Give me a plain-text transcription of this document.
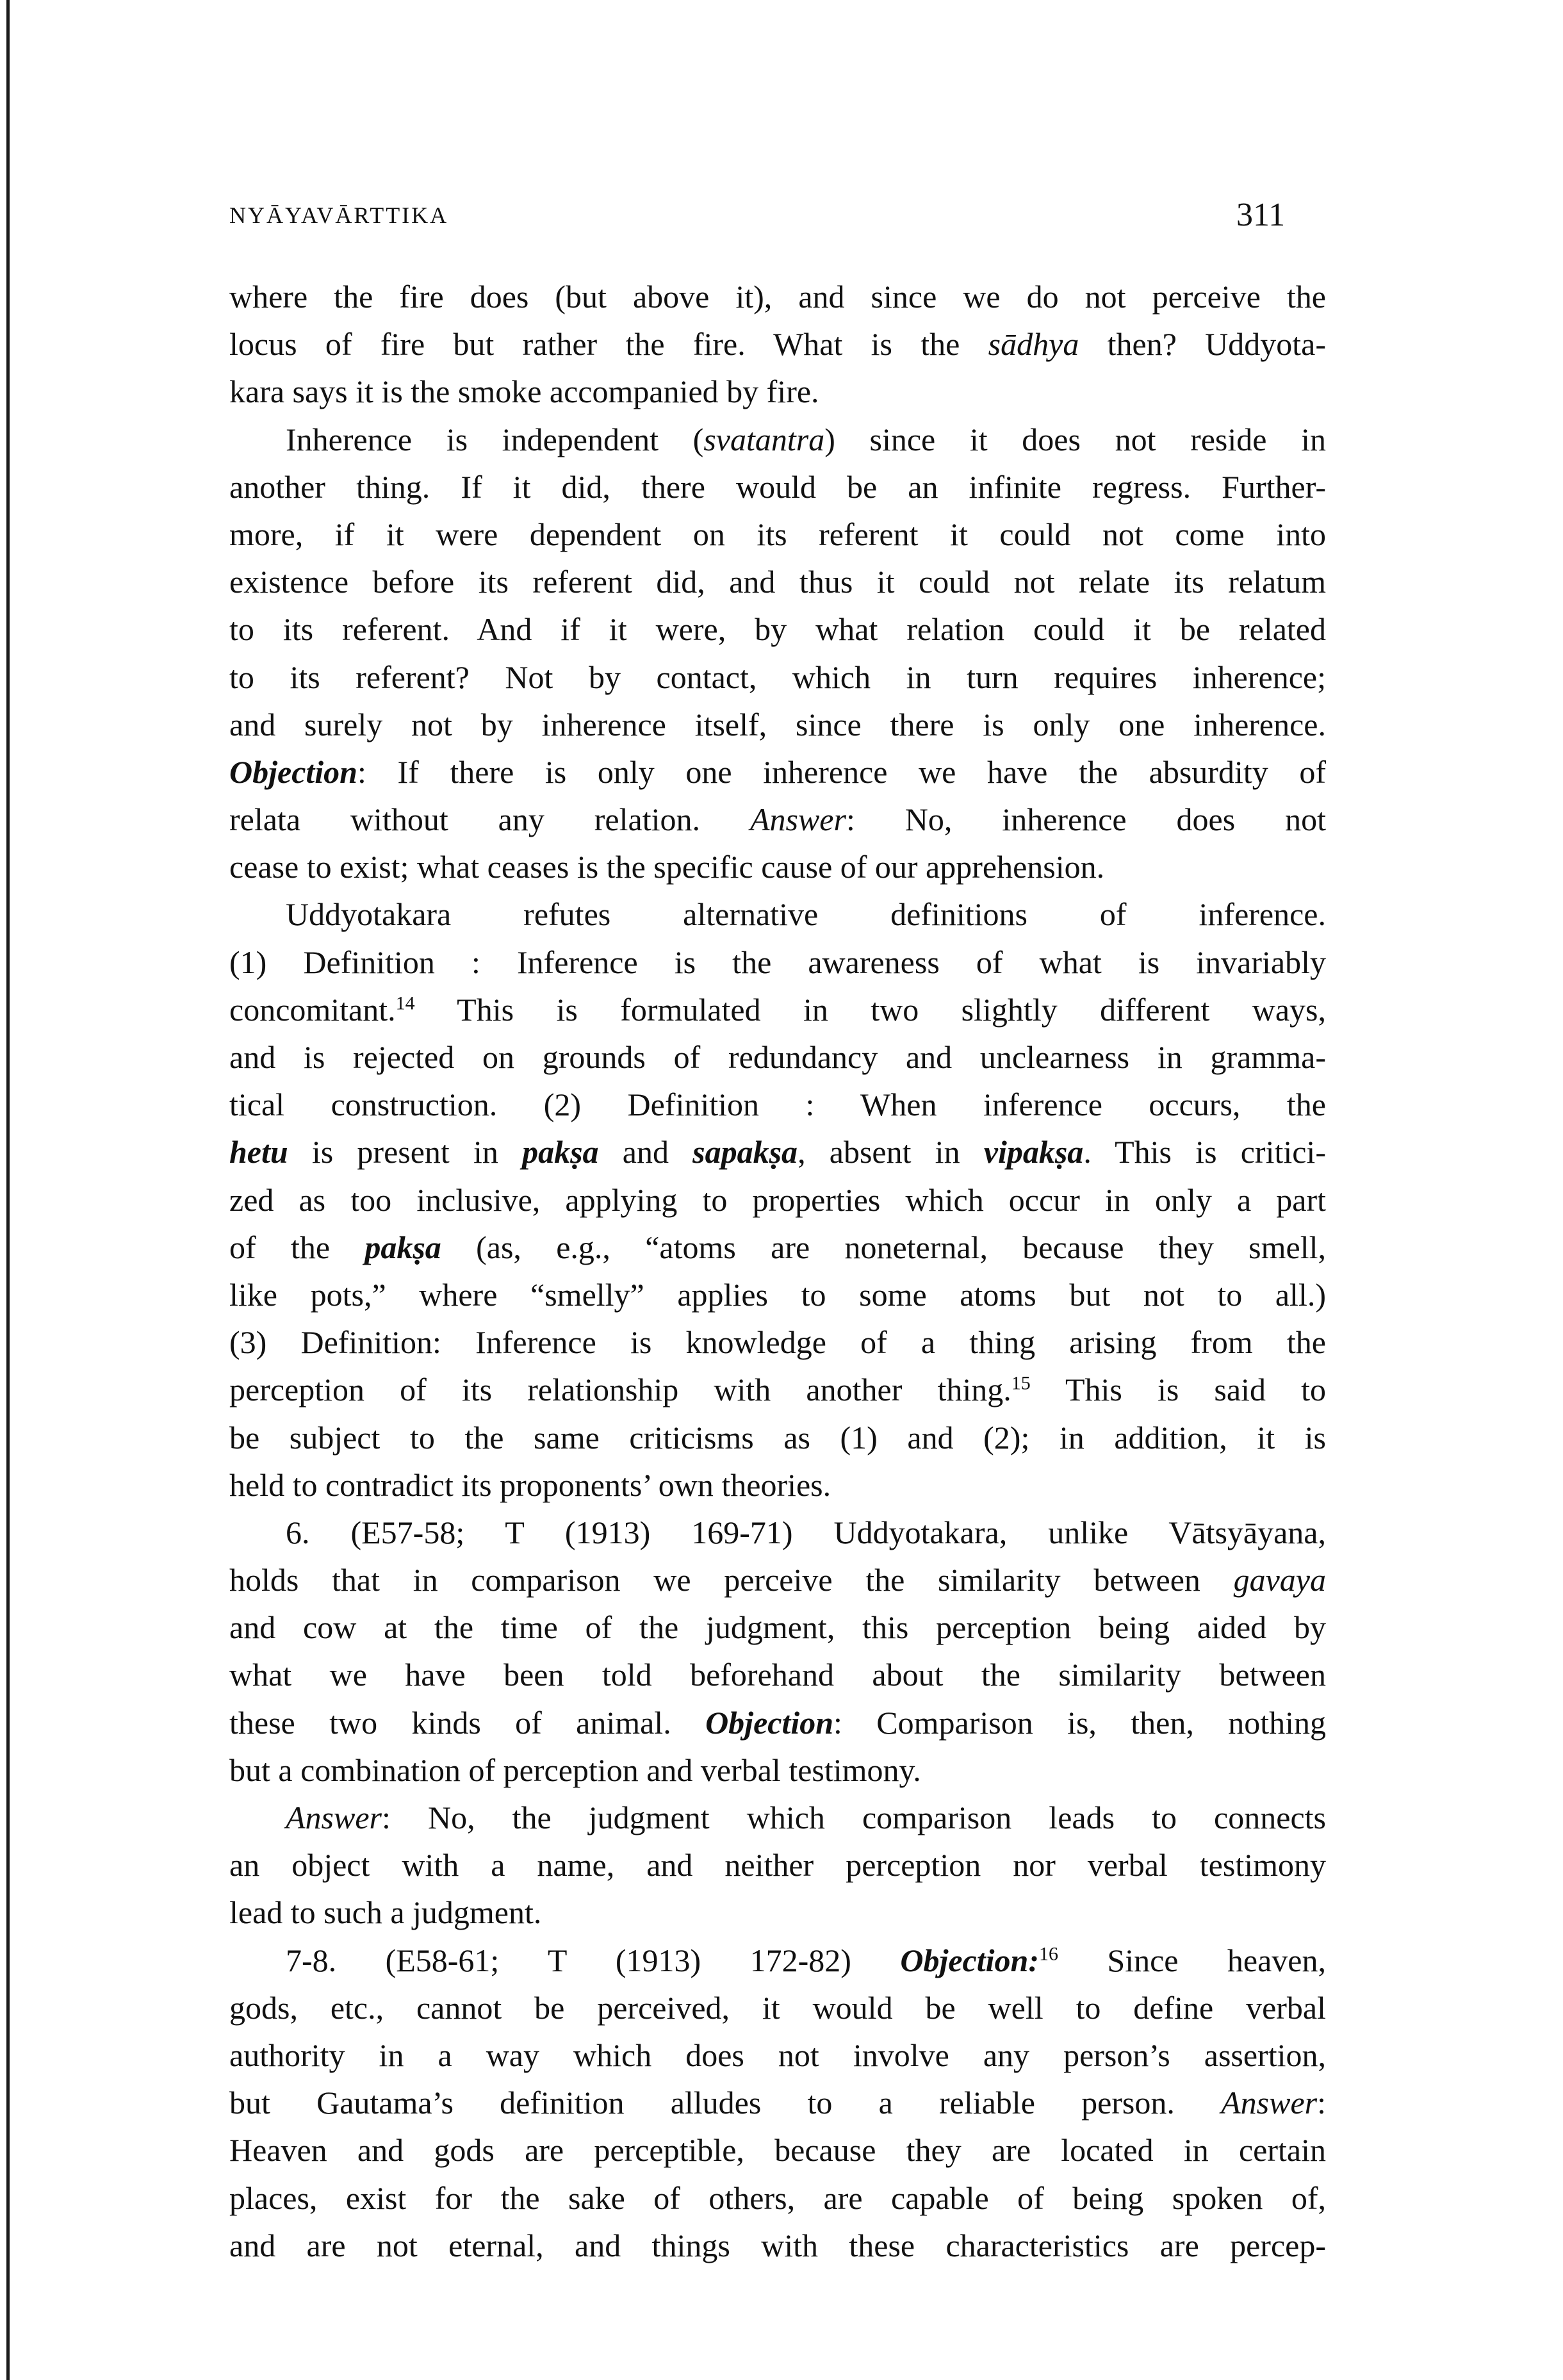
NYĀYAVĀRTTIKA	311
where the fire does (but above it), and since we do not perceive the
locus of fire but rather the fire. What is the sādhya then? Uddyota-
kara says it is the smoke accompanied by fire.
Inherence is independent (svatantra) since it does not reside in
another thing. If it did, there would be an infinite regress. Further-
more, if it were dependent on its referent it could not come into
existence before its referent did, and thus it could not relate its relatum
to its referent. And if it were, by what relation could it be related
to its referent? Not by contact, which in turn requires inherence;
and surely not by inherence itself, since there is only one inherence.
Objection: If there is only one inherence we have the absurdity of
relata without any relation. Answer: No, inherence does not
cease to exist; what ceases is the specific cause of our apprehension.
Uddyotakara refutes alternative definitions of inference.
(1) Definition : Inference is the awareness of what is invariably
concomitant.$^{14}$ This is formulated in two slightly different ways,
and is rejected on grounds of redundancy and unclearness in gramma-
tical construction. (2) Definition : When inference occurs, the
hetu is present in pakṣa and sapakṣa, absent in vipakṣa. This is critici-
zed as too inclusive, applying to properties which occur in only a part
of the pakṣa (as, e.g., “atoms are noneternal, because they smell,
like pots,” where “smelly” applies to some atoms but not to all.)
(3) Definition: Inference is knowledge of a thing arising from the
perception of its relationship with another thing.$^{15}$ This is said to
be subject to the same criticisms as (1) and (2); in addition, it is
held to contradict its proponents’ own theories.
6. (E57-58; T (1913) 169-71) Uddyotakara, unlike Vātsyāyana,
holds that in comparison we perceive the similarity between gavaya
and cow at the time of the judgment, this perception being aided by
what we have been told beforehand about the similarity between
these two kinds of animal. Objection: Comparison is, then, nothing
but a combination of perception and verbal testimony.
Answer: No, the judgment which comparison leads to connects
an object with a name, and neither perception nor verbal testimony
lead to such a judgment.
7-8. (E58-61; T (1913) 172-82) Objection:$^{16}$ Since heaven,
gods, etc., cannot be perceived, it would be well to define verbal
authority in a way which does not involve any person’s assertion,
but Gautama’s definition alludes to a reliable person. Answer:
Heaven and gods are perceptible, because they are located in certain
places, exist for the sake of others, are capable of being spoken of,
and are not eternal, and things with these characteristics are percep-
